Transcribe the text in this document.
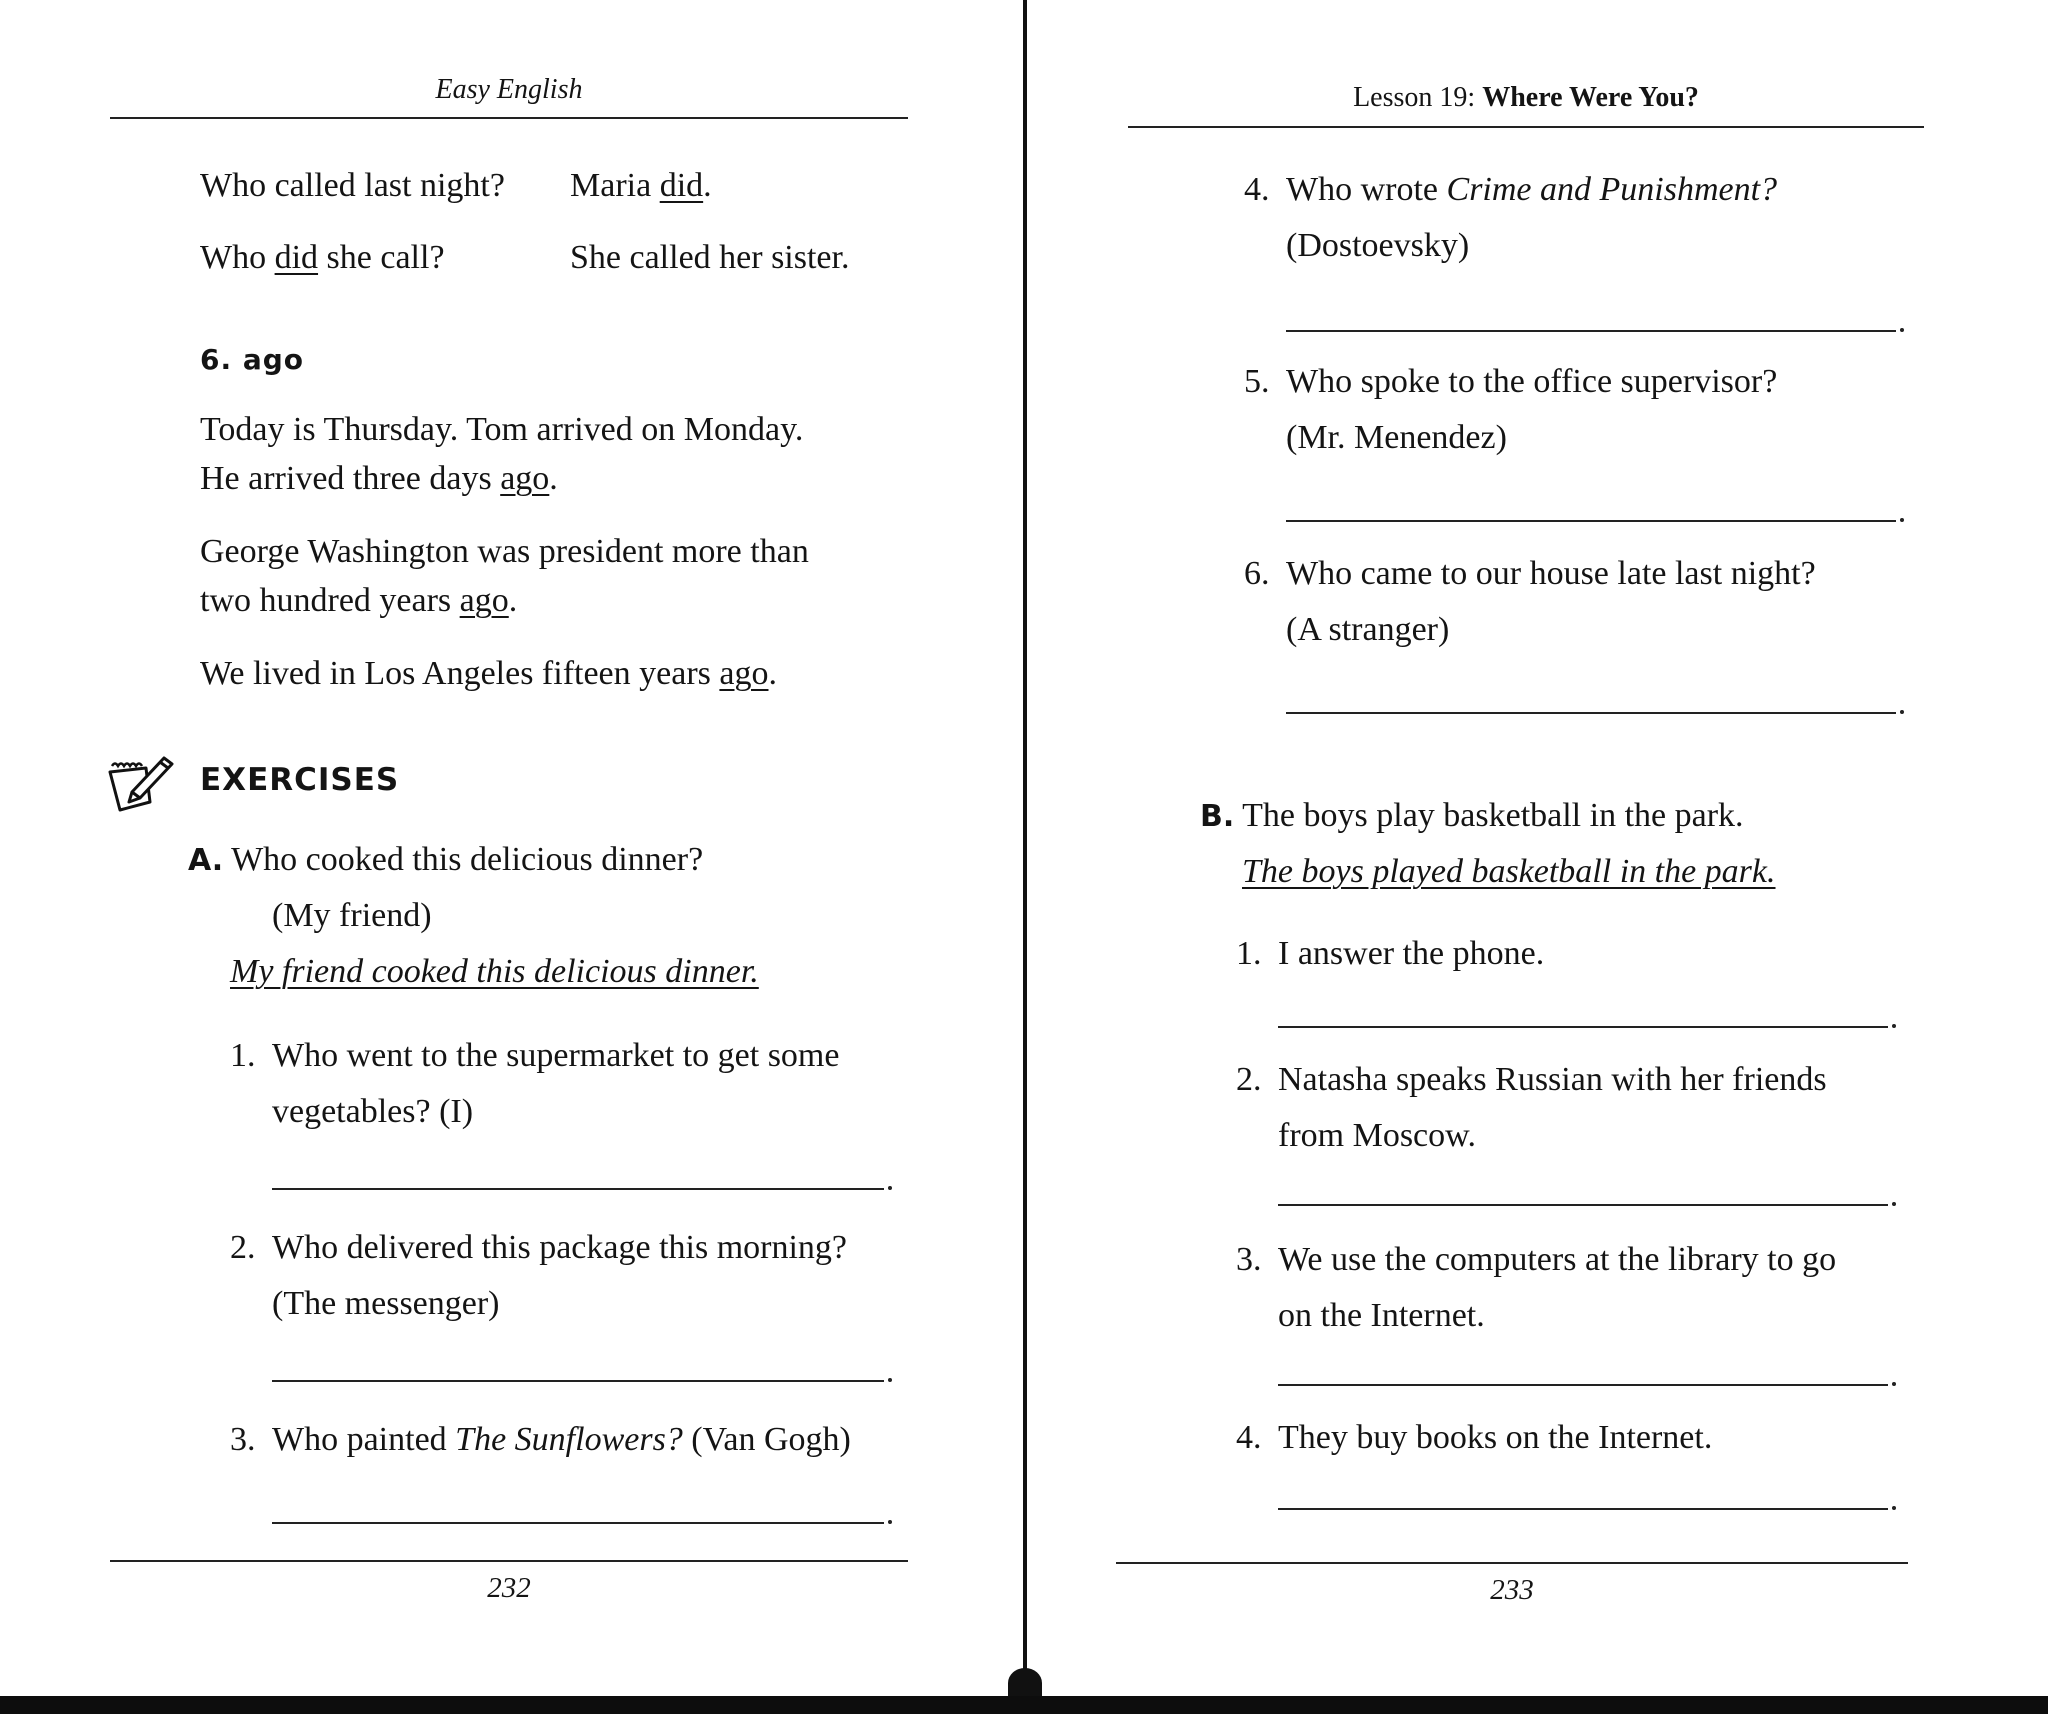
Easy English
Who called last night? Maria did.
Who did she call?	She called her sister.
6. ago
Today is Thursday. Tom arrived on Monday.
He arrived three days ago.
George Washington was president more than
two hundred years ago.
We lived in Los Angeles fifteen years ago.
EXERCISES
A. Who cooked this delicious dinner?
(My friend)
My friend cooked this delicious dinner.
1. Who went to the supermarket to get some
vegetables? (I)
2. Who delivered this package this morning?
(The messenger)
3. Who painted The Sunflowers? (Van Gogh)
232
Lesson 19: Where Were You?
4. Who wrote Crime and Punishment?
(Dostoevsky)
5. Who spoke to the office supervisor?
(Mr. Menendez)
6. Who came to our house late last night?
(A stranger)
B. The boys play basketball in the park.
The boys played basketball in the park.
1. I answer the phone.
2. Natasha speaks Russian with her friends
from Moscow.
3. We use the computers at the library to go
on the Internet.
4. They buy books on the Internet.
233
